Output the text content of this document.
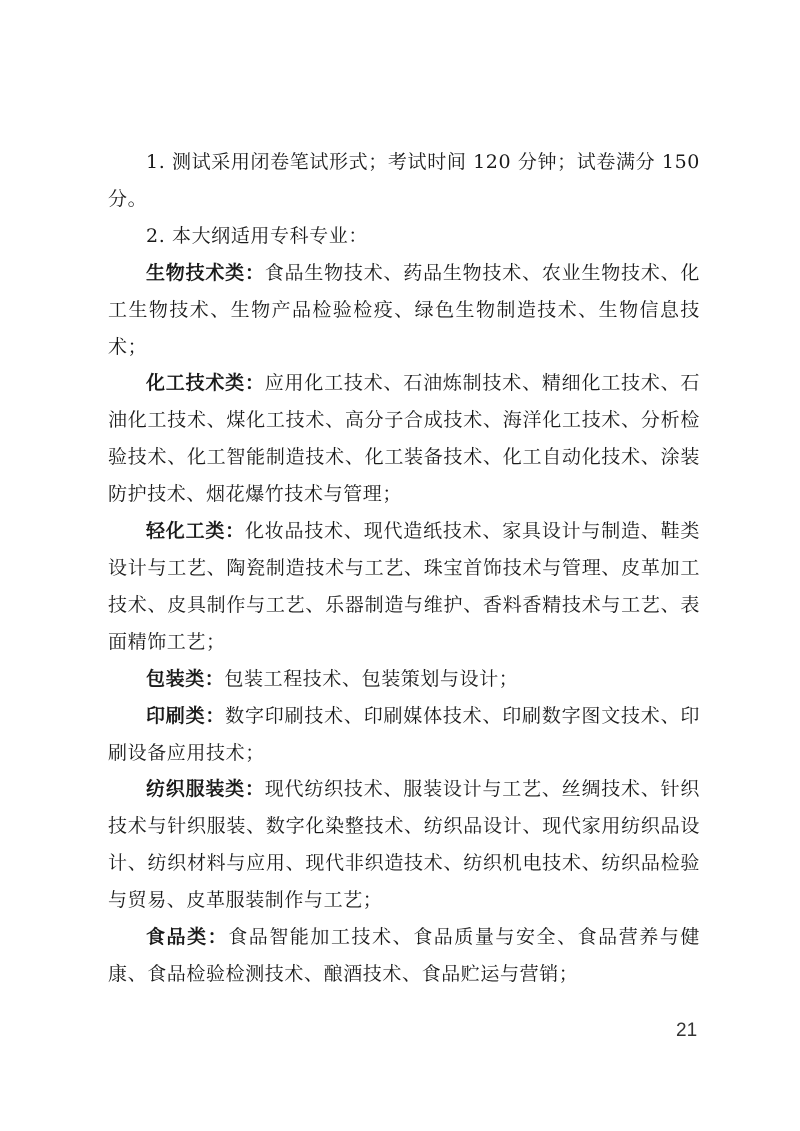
1. 测试采用闭卷笔试形式；考试时间 120 分钟；试卷满分 150 分。

2. 本大纲适用专科专业：

生物技术类：食品生物技术、药品生物技术、农业生物技术、化工生物技术、生物产品检验检疫、绿色生物制造技术、生物信息技术；

化工技术类：应用化工技术、石油炼制技术、精细化工技术、石油化工技术、煤化工技术、高分子合成技术、海洋化工技术、分析检验技术、化工智能制造技术、化工装备技术、化工自动化技术、涂装防护技术、烟花爆竹技术与管理；

轻化工类：化妆品技术、现代造纸技术、家具设计与制造、鞋类设计与工艺、陶瓷制造技术与工艺、珠宝首饰技术与管理、皮革加工技术、皮具制作与工艺、乐器制造与维护、香料香精技术与工艺、表面精饰工艺；

包装类：包装工程技术、包装策划与设计；

印刷类：数字印刷技术、印刷媒体技术、印刷数字图文技术、印刷设备应用技术；

纺织服装类：现代纺织技术、服装设计与工艺、丝绸技术、针织技术与针织服装、数字化染整技术、纺织品设计、现代家用纺织品设计、纺织材料与应用、现代非织造技术、纺织机电技术、纺织品检验与贸易、皮革服装制作与工艺；

食品类：食品智能加工技术、食品质量与安全、食品营养与健康、食品检验检测技术、酿酒技术、食品贮运与营销；

21
